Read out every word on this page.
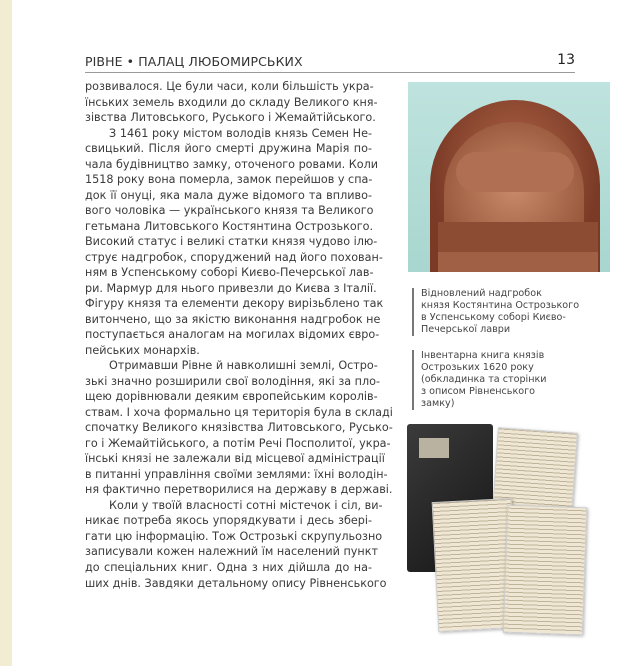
РІВНЕ • ПАЛАЦ ЛЮБОМИРСЬКИХ	13
розвивалося. Це були часи, коли більшість укра-
їнських земель входили до складу Великого кня-
зівства Литовського, Руського і Жемайтійського.
З 1461 року містом володів князь Семен Не-
свицький. Після його смерті дружина Марія по-
чала будівництво замку, оточеного ровами. Коли
1518 року вона померла, замок перейшов у спа-
док її онуці, яка мала дуже відомого та впливо-
вого чоловіка — українського князя та Великого
гетьмана Литовського Костянтина Острозького.
Високий статус і великі статки князя чудово ілю-
струє надгробок, споруджений над його похован-
ням в Успенському соборі Києво-Печерської лав-
ри. Мармур для нього привезли до Києва з Італії.
Фігуру князя та елементи декору вирізьблено так
витончено, що за якістю виконання надгробок не
поступається аналогам на могилах відомих євро-
пейських монархів.
Отримавши Рівне й навколишні землі, Остро-
зькі значно розширили свої володіння, які за пло-
щею дорівнювали деяким європейським королів-
ствам. І хоча формально ця територія була в складі
спочатку Великого князівства Литовського, Русько-
го і Жемайтійського, а потім Речі Посполитої, укра-
їнські князі не залежали від місцевої адміністрації
в питанні управління своїми землями: їхні володін-
ня фактично перетворилися на державу в державі.
Коли у твоїй власності сотні містечок і сіл, ви-
никає потреба якось упорядкувати і десь збері-
гати цю інформацію. Тож Острозькі скрупульозно
записували кожен належний їм населений пункт
до спеціальних книг. Одна з них дійшла до на-
ших днів. Завдяки детальному опису Рівненського
Відновлений надгробок
князя Костянтина Острозького
в Успенському соборі Києво-
Печерської лаври
Інвентарна книга князів
Острозьких 1620 року
(обкладинка та сторінки
з описом Рівненського
замку)
